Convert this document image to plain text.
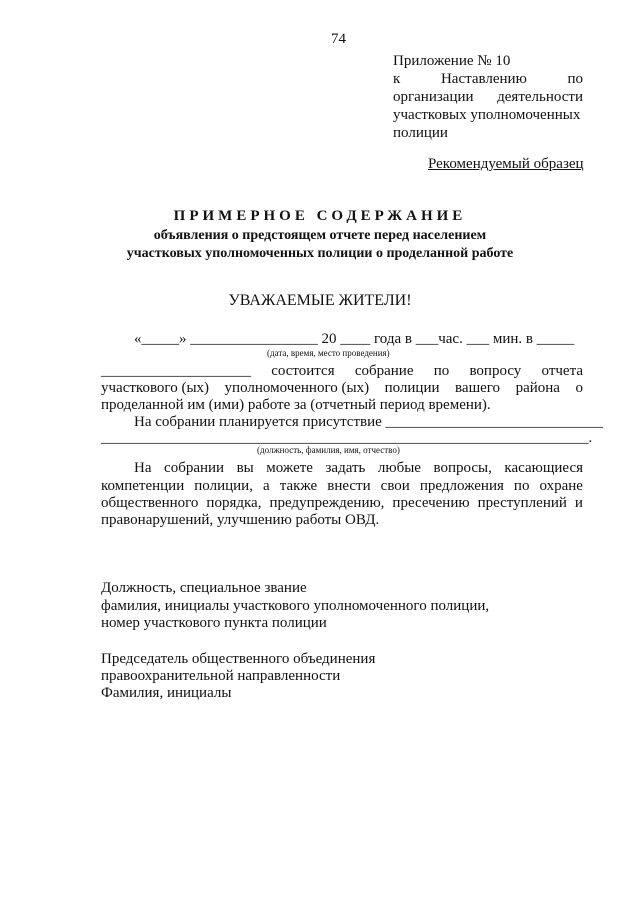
74
Приложение № 10
к	Наставлению	по
организации деятельности
участковых уполномоченных
полиции
Рекомендуемый образец
ПРИМЕРНОЕ СОДЕРЖАНИЕ
объявления о предстоящем отчете перед населением
участковых уполномоченных полиции о проделанной работе
УВАЖАЕМЫЕ ЖИТЕЛИ!
«_____» _________________ 20 ____ года в ___час. ___ мин. в _____
(дата, время, место проведения)
____________________ состоится собрание по вопросу отчета
участкового (ых) уполномоченного (ых) полиции вашего района о
проделанной им (ими) работе за (отчетный период времени).
На собрании планируется присутствие _____________________________
_________________________________________________________________.
(должность, фамилия, имя, отчество)
На собрании вы можете задать любые вопросы, касающиеся
компетенции полиции, а также внести свои предложения по охране
общественного порядка, предупреждению, пресечению преступлений и
правонарушений, улучшению работы ОВД.
Должность, специальное звание
фамилия, инициалы участкового уполномоченного полиции,
номер участкового пункта полиции
Председатель общественного объединения
правоохранительной направленности
Фамилия, инициалы
